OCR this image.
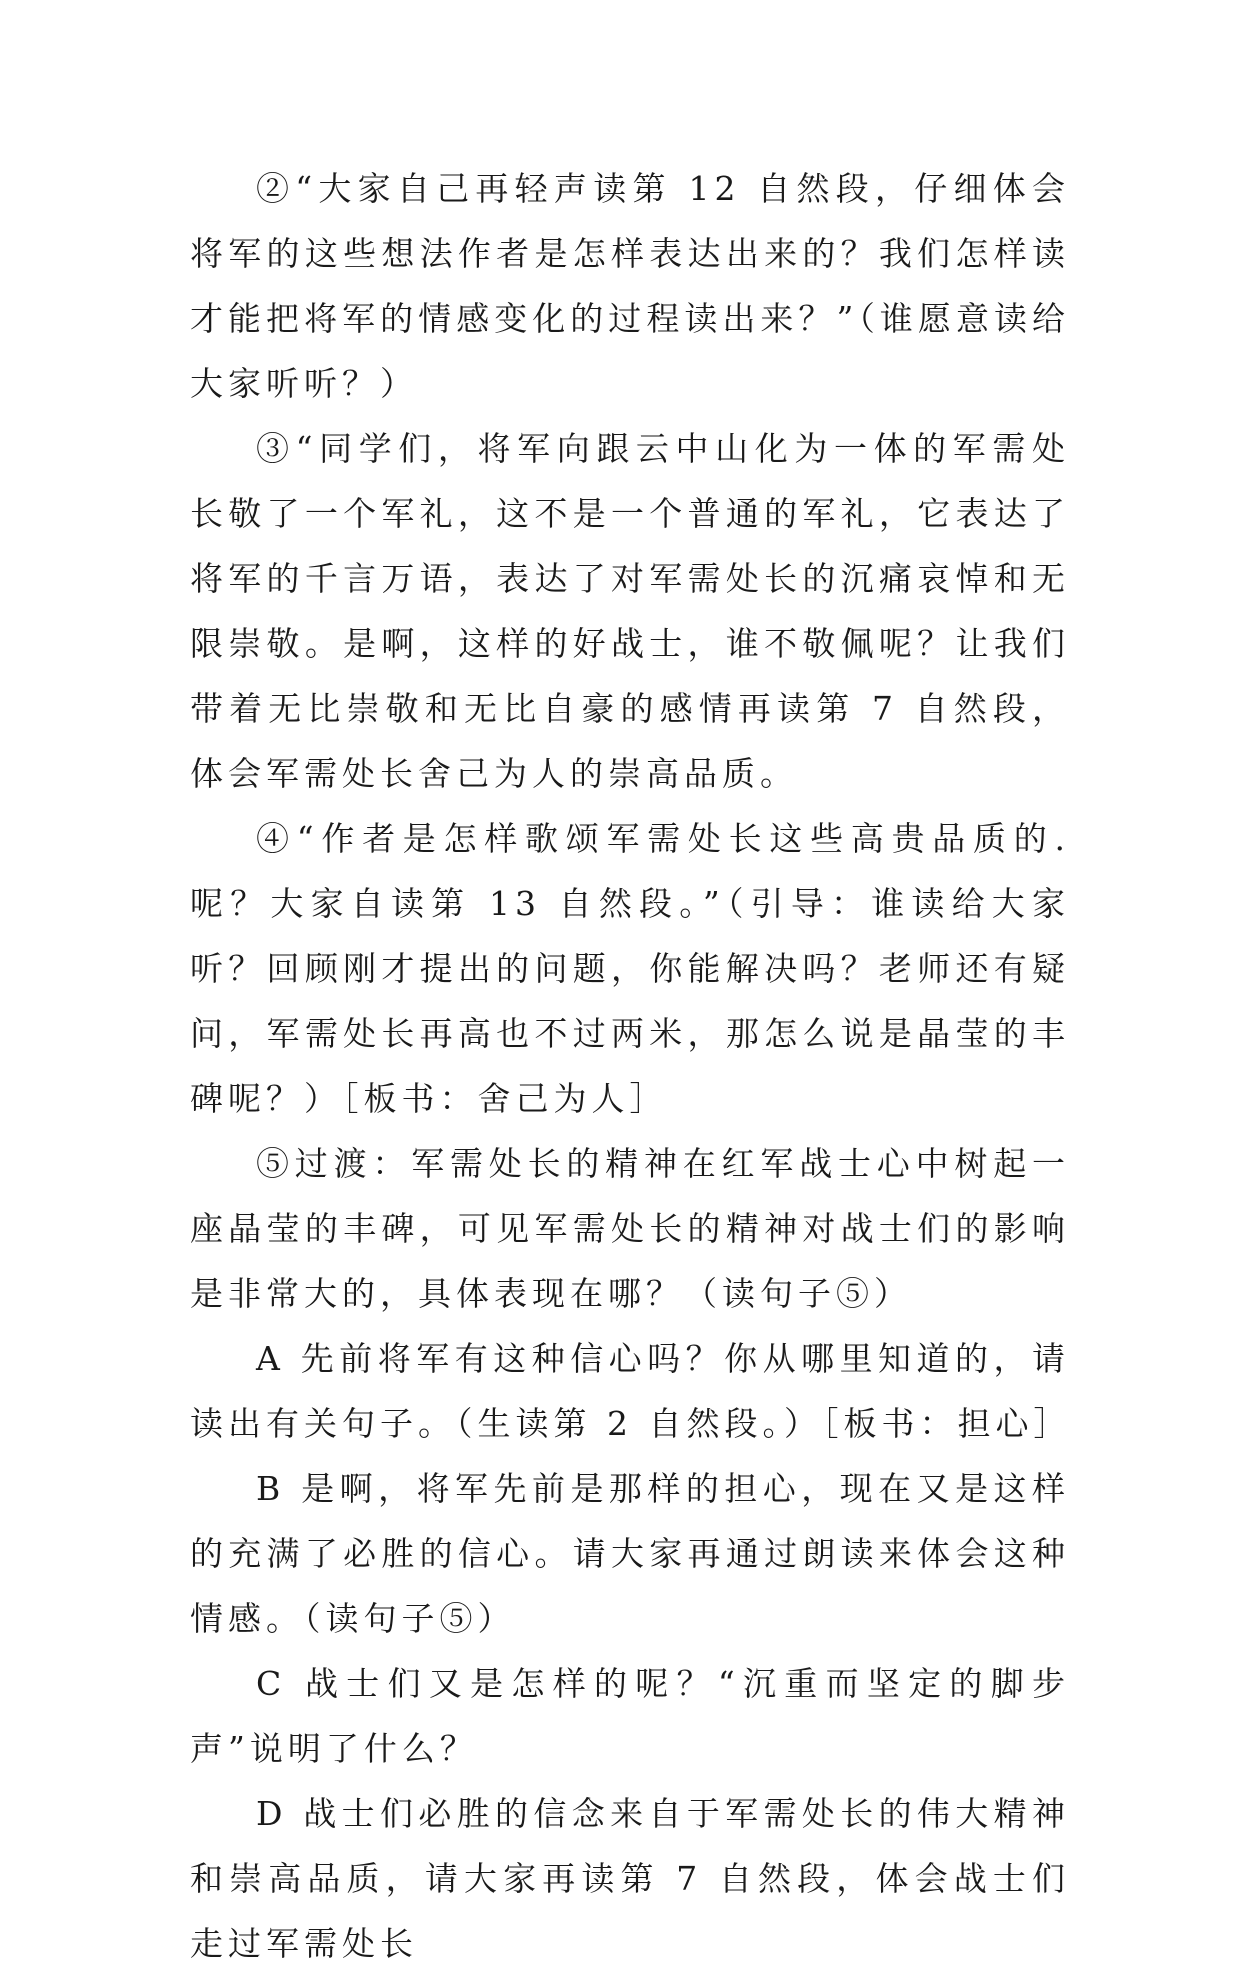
②“大家自己再轻声读第 12 自然段，仔细体会将军的这些想法作者是怎样表达出来的？我们怎样读才能把将军的情感变化的过程读出来？”（谁愿意读给大家听听？）

③“同学们，将军向跟云中山化为一体的军需处长敬了一个军礼，这不是一个普通的军礼，它表达了将军的千言万语，表达了对军需处长的沉痛哀悼和无限崇敬。是啊，这样的好战士，谁不敬佩呢？让我们带着无比崇敬和无比自豪的感情再读第 7 自然段，体会军需处长舍己为人的崇高品质。

④“作者是怎样歌颂军需处长这些高贵品质的.呢？大家自读第 13 自然段。”（引导：谁读给大家听？回顾刚才提出的问题，你能解决吗？老师还有疑问，军需处长再高也不过两米，那怎么说是晶莹的丰碑呢？）［板书：舍己为人］

⑤过渡：军需处长的精神在红军战士心中树起一座晶莹的丰碑，可见军需处长的精神对战士们的影响是非常大的，具体表现在哪？（读句子⑤）

A 先前将军有这种信心吗？你从哪里知道的，请读出有关句子。（生读第 2 自然段。）［板书：担心］

B 是啊，将军先前是那样的担心，现在又是这样的充满了必胜的信心。请大家再通过朗读来体会这种情感。（读句子⑤）

C 战士们又是怎样的呢？“沉重而坚定的脚步声”说明了什么？

D 战士们必胜的信念来自于军需处长的伟大精神和崇高品质，请大家再读第 7 自然段，体会战士们走过军需处长
